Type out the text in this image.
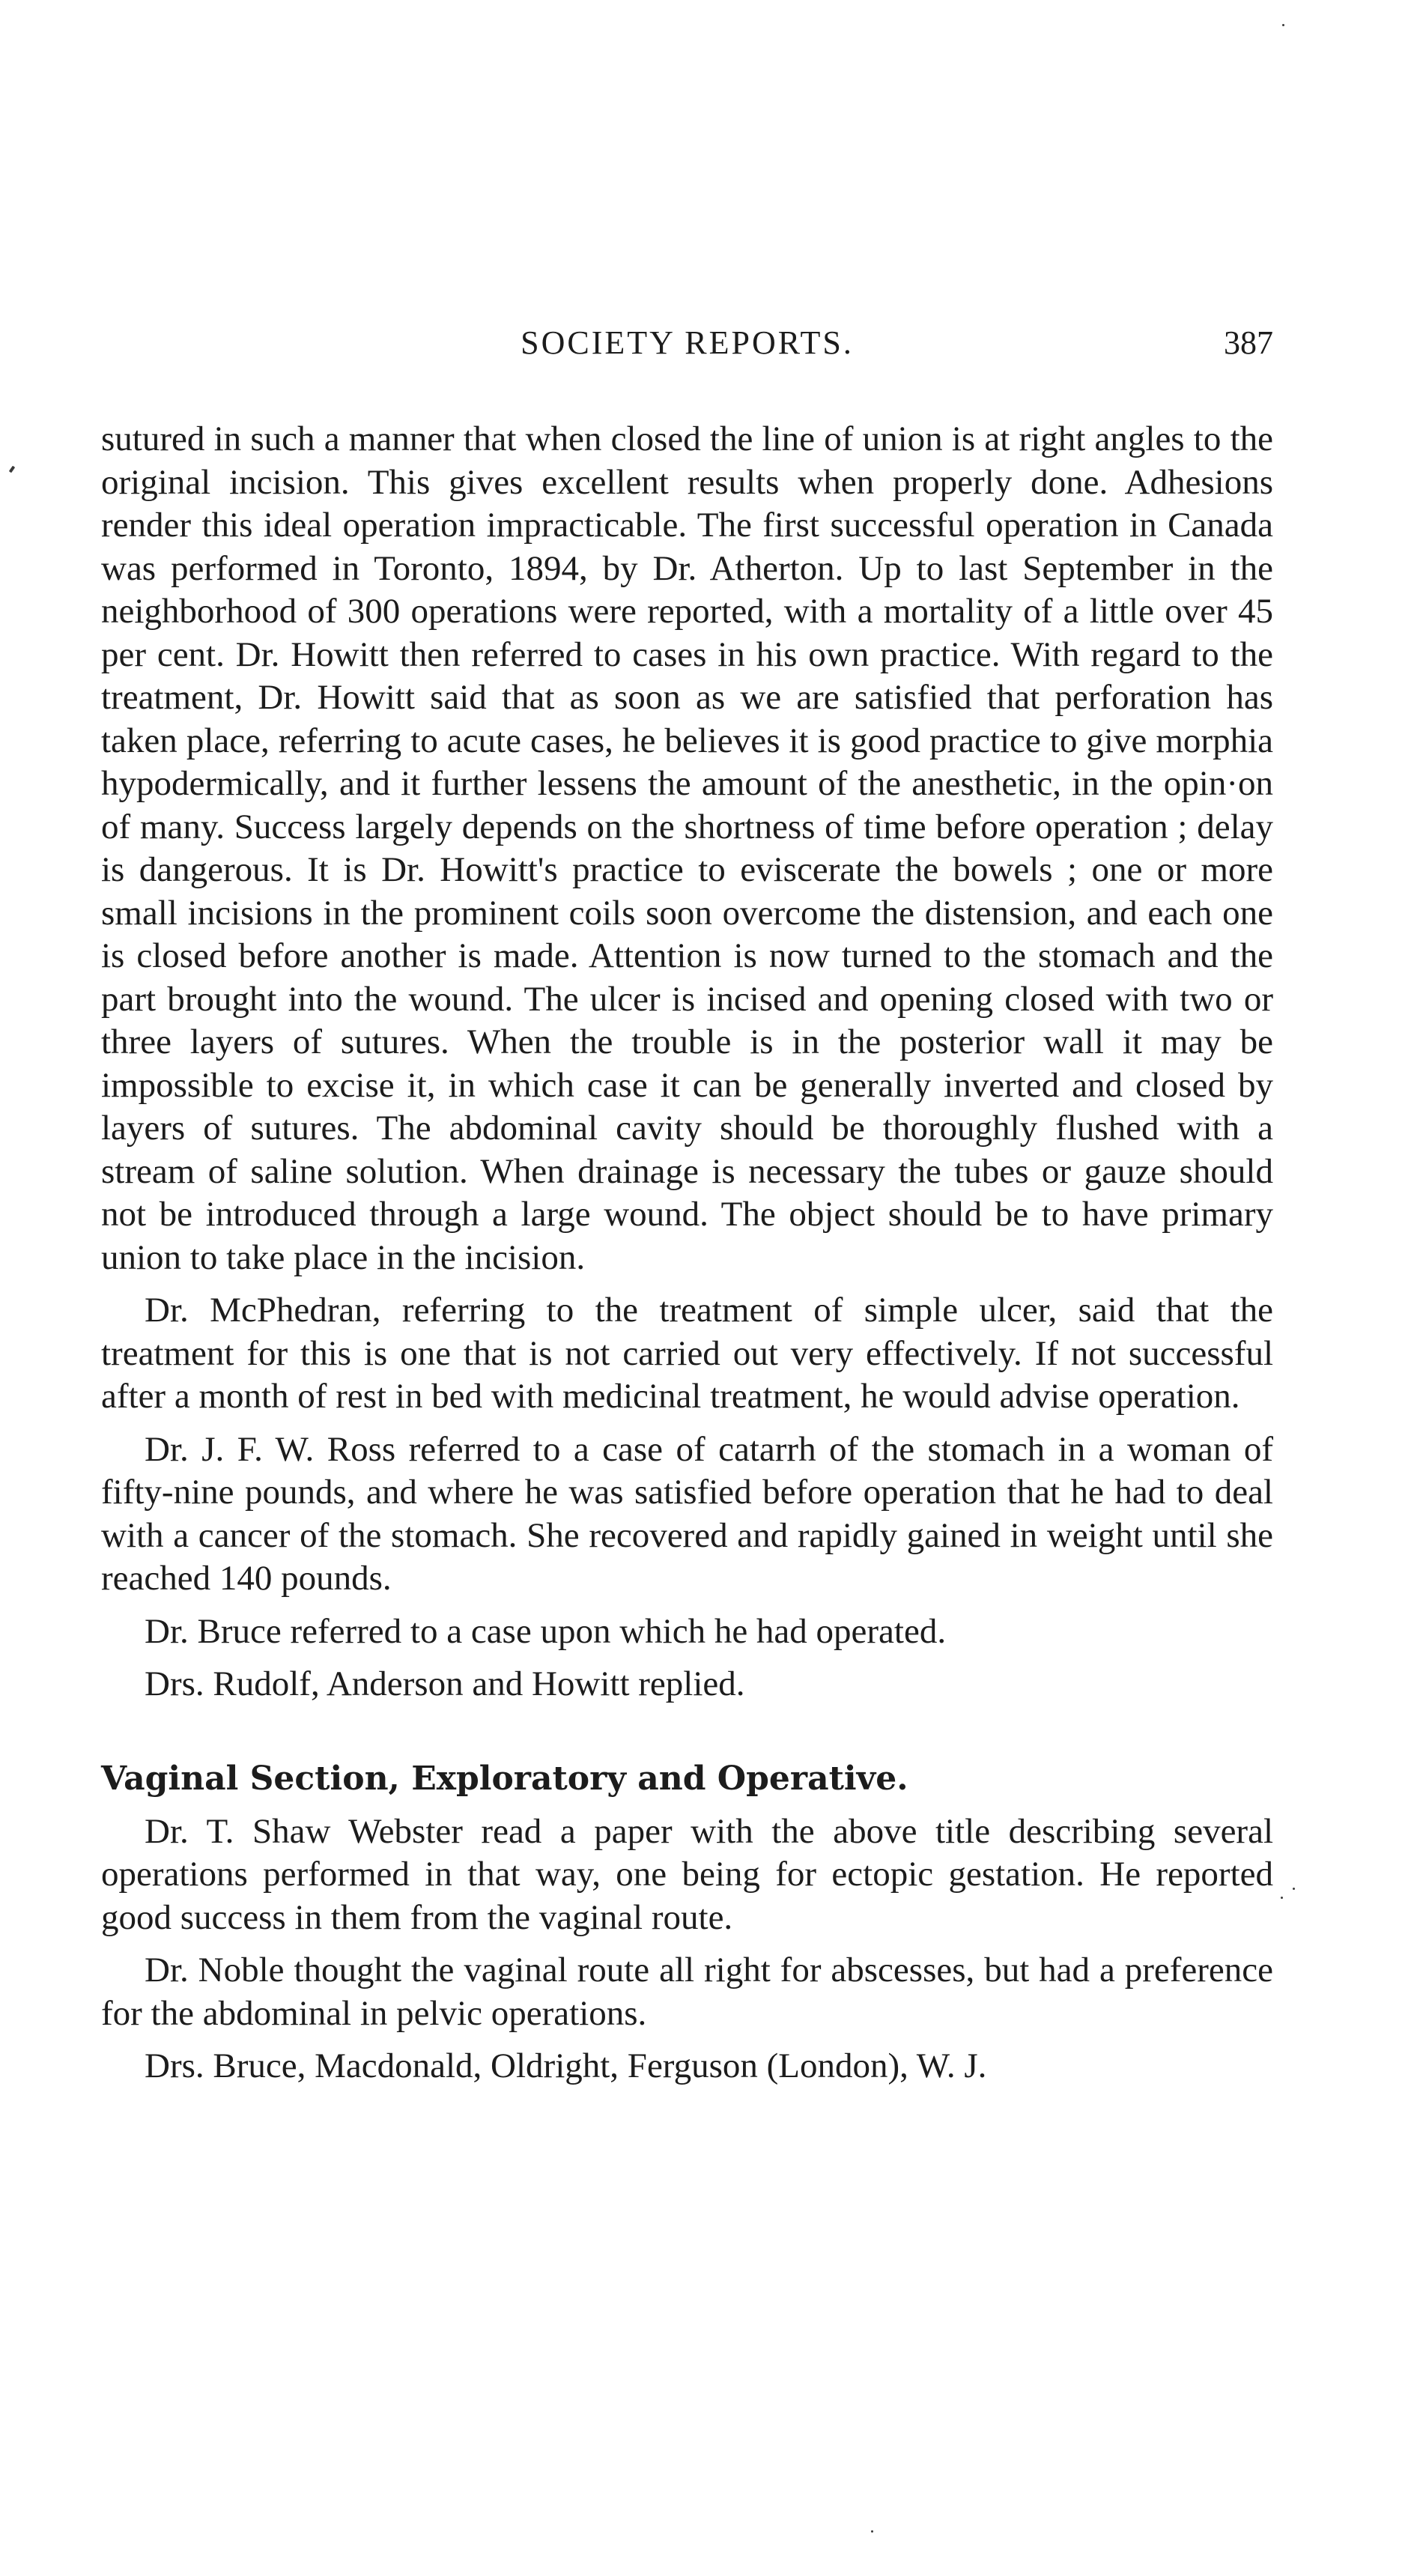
SOCIETY REPORTS.	387

sutured in such a manner that when closed the line of union is at right angles to the original incision. This gives excellent results when properly done. Adhesions render this ideal operation impracticable. The first successful operation in Canada was performed in Toronto, 1894, by Dr. Atherton. Up to last September in the neighborhood of 300 operations were reported, with a mortality of a little over 45 per cent. Dr. Howitt then referred to cases in his own practice. With regard to the treatment, Dr. Howitt said that as soon as we are satisfied that perforation has taken place, referring to acute cases, he believes it is good practice to give morphia hypodermically, and it further lessens the amount of the anesthetic, in the opin·on of many. Success largely depends on the shortness of time before operation ; delay is dangerous. It is Dr. Howitt's practice to eviscerate the bowels ; one or more small incisions in the prominent coils soon overcome the distension, and each one is closed before another is made. Attention is now turned to the stomach and the part brought into the wound. The ulcer is incised and opening closed with two or three layers of sutures. When the trouble is in the posterior wall it may be impossible to excise it, in which case it can be generally inverted and closed by layers of sutures. The abdominal cavity should be thoroughly flushed with a stream of saline solution. When drainage is necessary the tubes or gauze should not be introduced through a large wound. The object should be to have primary union to take place in the incision.

Dr. McPhedran, referring to the treatment of simple ulcer, said that the treatment for this is one that is not carried out very effectively. If not successful after a month of rest in bed with medicinal treatment, he would advise operation.

Dr. J. F. W. Ross referred to a case of catarrh of the stomach in a woman of fifty-nine pounds, and where he was satisfied before operation that he had to deal with a cancer of the stomach. She recovered and rapidly gained in weight until she reached 140 pounds.

Dr. Bruce referred to a case upon which he had operated.

Drs. Rudolf, Anderson and Howitt replied.

Vaginal Section, Exploratory and Operative.

Dr. T. Shaw Webster read a paper with the above title describing several operations performed in that way, one being for ectopic gestation. He reported good success in them from the vaginal route.

Dr. Noble thought the vaginal route all right for abscesses, but had a preference for the abdominal in pelvic operations.

Drs. Bruce, Macdonald, Oldright, Ferguson (London), W. J.
